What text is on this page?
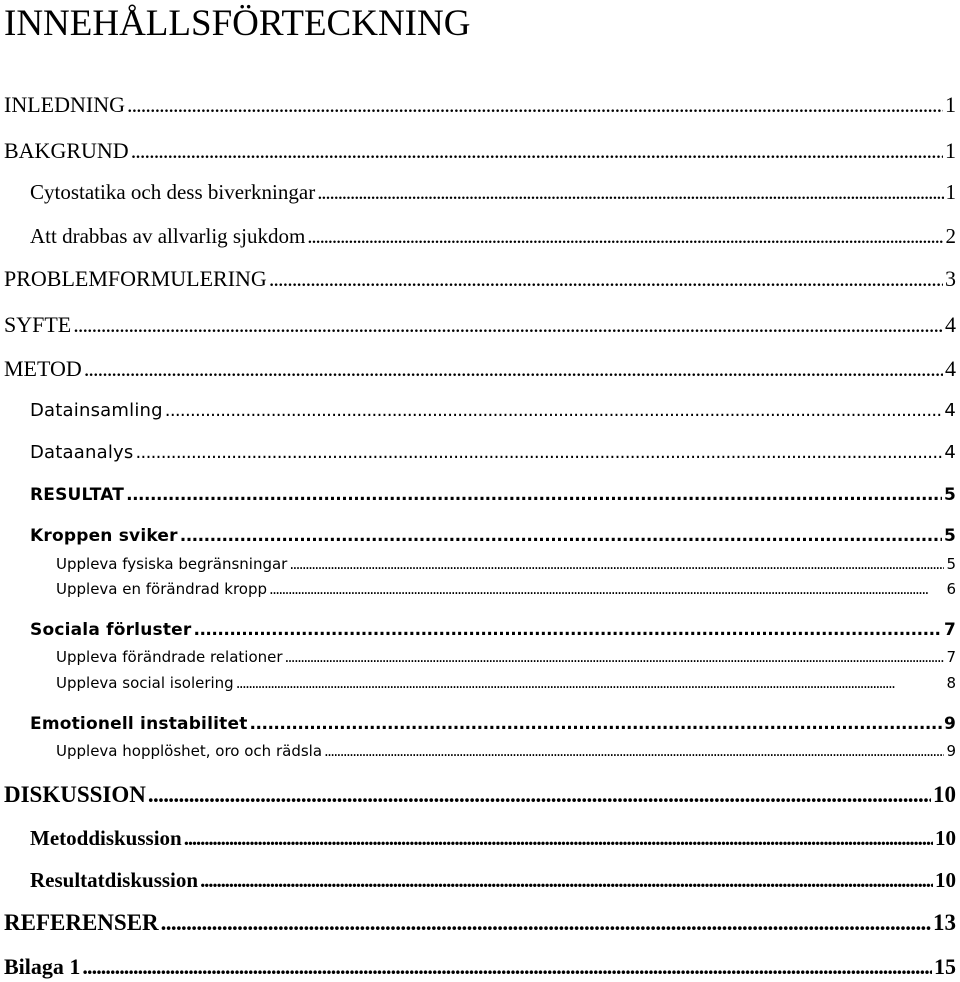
INNEHÅLLSFÖRTECKNING
INLEDNING . . .	1
BAKGRUND . . .	1
Cytostatika och dess biverkningar . . .	1
Att drabbas av allvarlig sjukdom . . .	2
PROBLEMFORMULERING . . .	3
SYFTE . . .	4
METOD . . .	4
Datainsamling . . .	4
Dataanalys . . .	4
RESULTAT . . .	5
Kroppen sviker . . .	5
Uppleva fysiska begränsningar . . .	5
Uppleva en förändrad kropp . . .	6
Sociala förluster . . .	7
Uppleva förändrade relationer . . .	7
Uppleva social isolering . . .	8
Emotionell instabilitet . . .	9
Uppleva hopplöshet, oro och rädsla . . .	9
DISKUSSION . . .	10
Metoddiskussion . . .	10
Resultatdiskussion . . .	10
REFERENSER . . .	13
Bilaga 1 . . .	15
